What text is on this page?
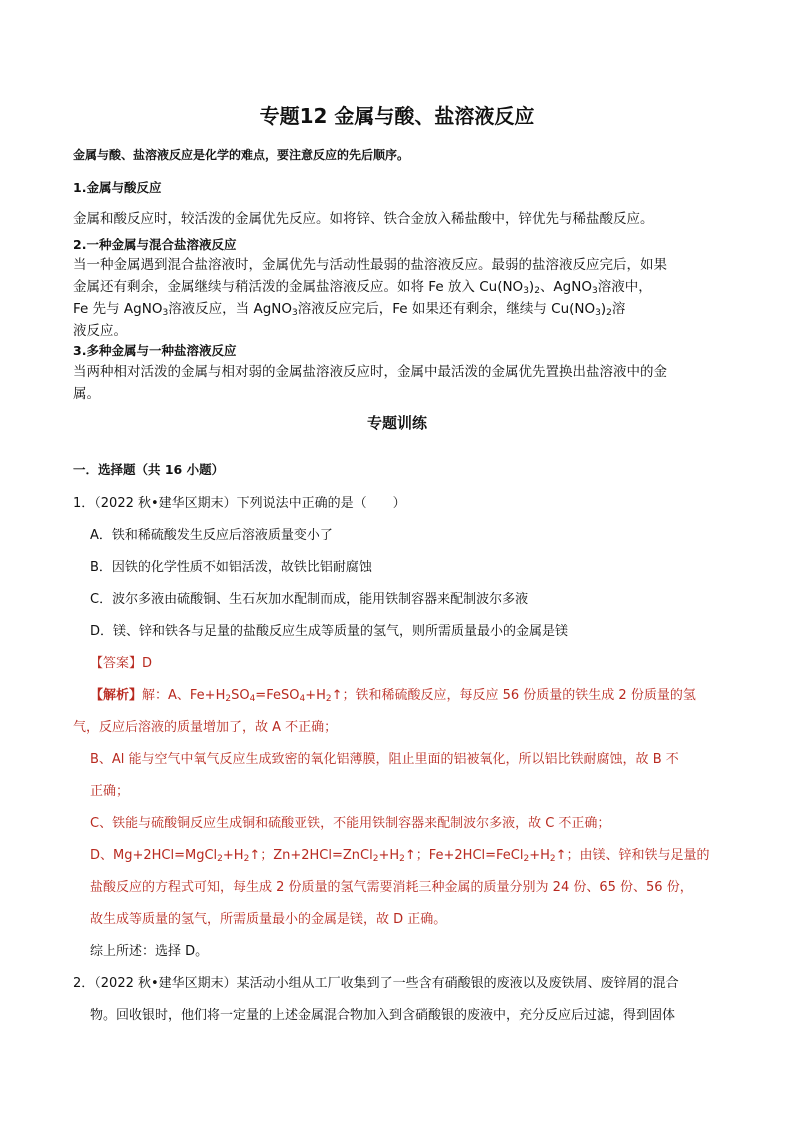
专题12 金属与酸、盐溶液反应
金属与酸、盐溶液反应是化学的难点，要注意反应的先后顺序。
1.金属与酸反应
金属和酸反应时，较活泼的金属优先反应。如将锌、铁合金放入稀盐酸中，锌优先与稀盐酸反应。
2.一种金属与混合盐溶液反应
当一种金属遇到混合盐溶液时，金属优先与活动性最弱的盐溶液反应。最弱的盐溶液反应完后，如果
金属还有剩余，金属继续与稍活泼的金属盐溶液反应。如将 Fe 放入 $Cu(NO_3)_2$、AgNO$_3$溶液中，
Fe 先与 AgNO$_3$溶液反应，当 AgNO$_3$溶液反应完后，Fe 如果还有剩余，继续与 $Cu(NO_3)_2$溶
液反应。
3.多种金属与一种盐溶液反应
当两种相对活泼的金属与相对弱的金属盐溶液反应时，金属中最活泼的金属优先置换出盐溶液中的金
属。
专题训练
一．选择题（共 16 小题）
1．（2022 秋•建华区期末）下列说法中正确的是（　　）
A．铁和稀硫酸发生反应后溶液质量变小了
B．因铁的化学性质不如铝活泼，故铁比铝耐腐蚀
C．波尔多液由硫酸铜、生石灰加水配制而成，能用铁制容器来配制波尔多液
D．镁、锌和铁各与足量的盐酸反应生成等质量的氢气，则所需质量最小的金属是镁
【答案】D
【解析】解：A、$Fe+H_2SO_4=FeSO_4+H_2↑$；铁和稀硫酸反应，每反应 56 份质量的铁生成 2 份质量的氢
气，反应后溶液的质量增加了，故 A 不正确；
B、Al 能与空气中氧气反应生成致密的氧化铝薄膜，阻止里面的铝被氧化，所以铝比铁耐腐蚀，故 B 不
正确；
C、铁能与硫酸铜反应生成铜和硫酸亚铁，不能用铁制容器来配制波尔多液，故 C 不正确；
D、$Mg+2HCl=MgCl_2+H_2↑$；$Zn+2HCl=ZnCl_2+H_2↑$；$Fe+2HCl=FeCl_2+H_2↑$；由镁、锌和铁与足量的
盐酸反应的方程式可知，每生成 2 份质量的氢气需要消耗三种金属的质量分别为 24 份、65 份、56 份，
故生成等质量的氢气，所需质量最小的金属是镁，故 D 正确。
综上所述：选择 D。
2．（2022 秋•建华区期末）某活动小组从工厂收集到了一些含有硝酸银的废液以及废铁屑、废锌屑的混合
物。回收银时，他们将一定量的上述金属混合物加入到含硝酸银的废液中，充分反应后过滤，得到固体
